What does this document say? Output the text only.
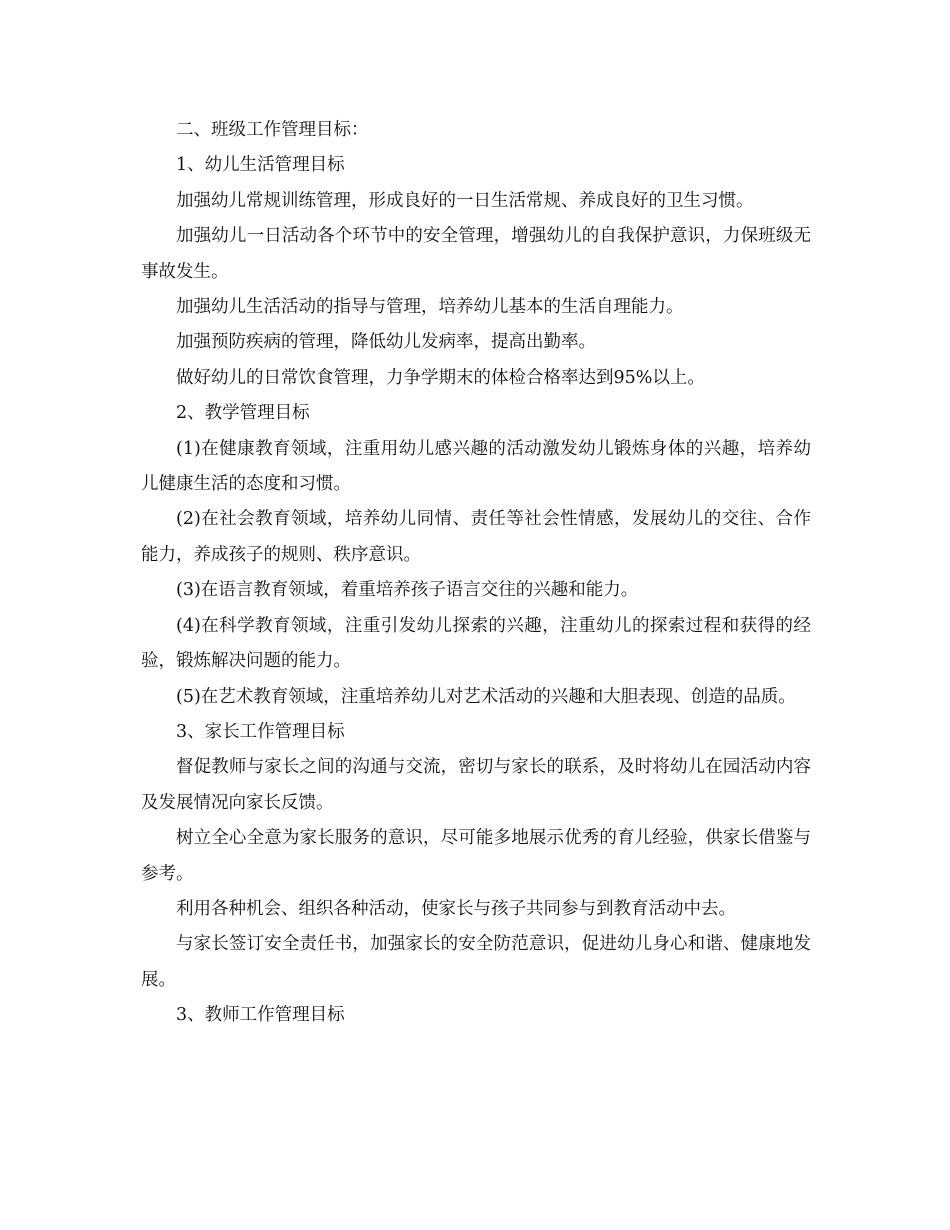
二、班级工作管理目标：

1、幼儿生活管理目标

加强幼儿常规训练管理，形成良好的一日生活常规、养成良好的卫生习惯。

加强幼儿一日活动各个环节中的安全管理，增强幼儿的自我保护意识，力保班级无事故发生。

加强幼儿生活活动的指导与管理，培养幼儿基本的生活自理能力。

加强预防疾病的管理，降低幼儿发病率，提高出勤率。

做好幼儿的日常饮食管理，力争学期末的体检合格率达到95%以上。

2、教学管理目标

(1)在健康教育领域，注重用幼儿感兴趣的活动激发幼儿锻炼身体的兴趣，培养幼儿健康生活的态度和习惯。

(2)在社会教育领域，培养幼儿同情、责任等社会性情感，发展幼儿的交往、合作能力，养成孩子的规则、秩序意识。

(3)在语言教育领域，着重培养孩子语言交往的兴趣和能力。

(4)在科学教育领域，注重引发幼儿探索的兴趣，注重幼儿的探索过程和获得的经验，锻炼解决问题的能力。

(5)在艺术教育领域，注重培养幼儿对艺术活动的兴趣和大胆表现、创造的品质。

3、家长工作管理目标

督促教师与家长之间的沟通与交流，密切与家长的联系，及时将幼儿在园活动内容及发展情况向家长反馈。

树立全心全意为家长服务的意识，尽可能多地展示优秀的育儿经验，供家长借鉴与参考。

利用各种机会、组织各种活动，使家长与孩子共同参与到教育活动中去。

与家长签订安全责任书，加强家长的安全防范意识，促进幼儿身心和谐、健康地发展。

3、教师工作管理目标
